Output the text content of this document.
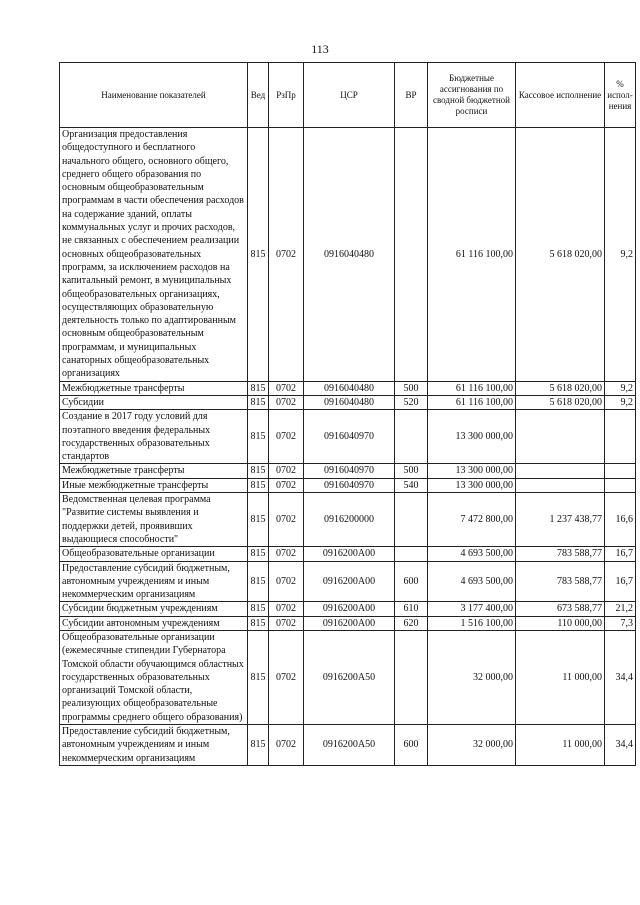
113
Наименование показателей	Вед	РзПр	ЦСР	ВР	Бюджетные ассигнования по сводной бюджетной росписи	Кассовое исполнение	% испол-нения
Организация предоставления общедоступного и бесплатного начального общего, основного общего, среднего общего образования по основным общеобразовательным программам в части обеспечения расходов на содержание зданий, оплаты коммунальных услуг и прочих расходов, не связанных с обеспечением реализации основных общеобразовательных программ, за исключением расходов на капитальный ремонт, в муниципальных общеобразовательных организациях, осуществляющих образовательную деятельность только по адаптированным основным общеобразовательным программам, и муниципальных санаторных общеобразовательных организациях	815	0702	0916040480		61 116 100,00	5 618 020,00	9,2
Межбюджетные трансферты	815	0702	0916040480	500	61 116 100,00	5 618 020,00	9,2
Субсидии	815	0702	0916040480	520	61 116 100,00	5 618 020,00	9,2
Создание в 2017 году условий для поэтапного введения федеральных государственных образовательных стандартов	815	0702	0916040970		13 300 000,00		
Межбюджетные трансферты	815	0702	0916040970	500	13 300 000,00		
Иные межбюджетные трансферты	815	0702	0916040970	540	13 300 000,00		
Ведомственная целевая программа "Развитие системы выявления и поддержки детей, проявивших выдающиеся способности"	815	0702	0916200000		7 472 800,00	1 237 438,77	16,6
Общеобразовательные организации	815	0702	0916200А00		4 693 500,00	783 588,77	16,7
Предоставление субсидий бюджетным, автономным учреждениям и иным некоммерческим организациям	815	0702	0916200А00	600	4 693 500,00	783 588,77	16,7
Субсидии бюджетным учреждениям	815	0702	0916200А00	610	3 177 400,00	673 588,77	21,2
Субсидии автономным учреждениям	815	0702	0916200А00	620	1 516 100,00	110 000,00	7,3
Общеобразовательные организации (ежемесячные стипендии Губернатора Томской области обучающимся областных государственных образовательных организаций Томской области, реализующих общеобразовательные программы среднего общего образования)	815	0702	0916200А50		32 000,00	11 000,00	34,4
Предоставление субсидий бюджетным, автономным учреждениям и иным некоммерческим организациям	815	0702	0916200А50	600	32 000,00	11 000,00	34,4
